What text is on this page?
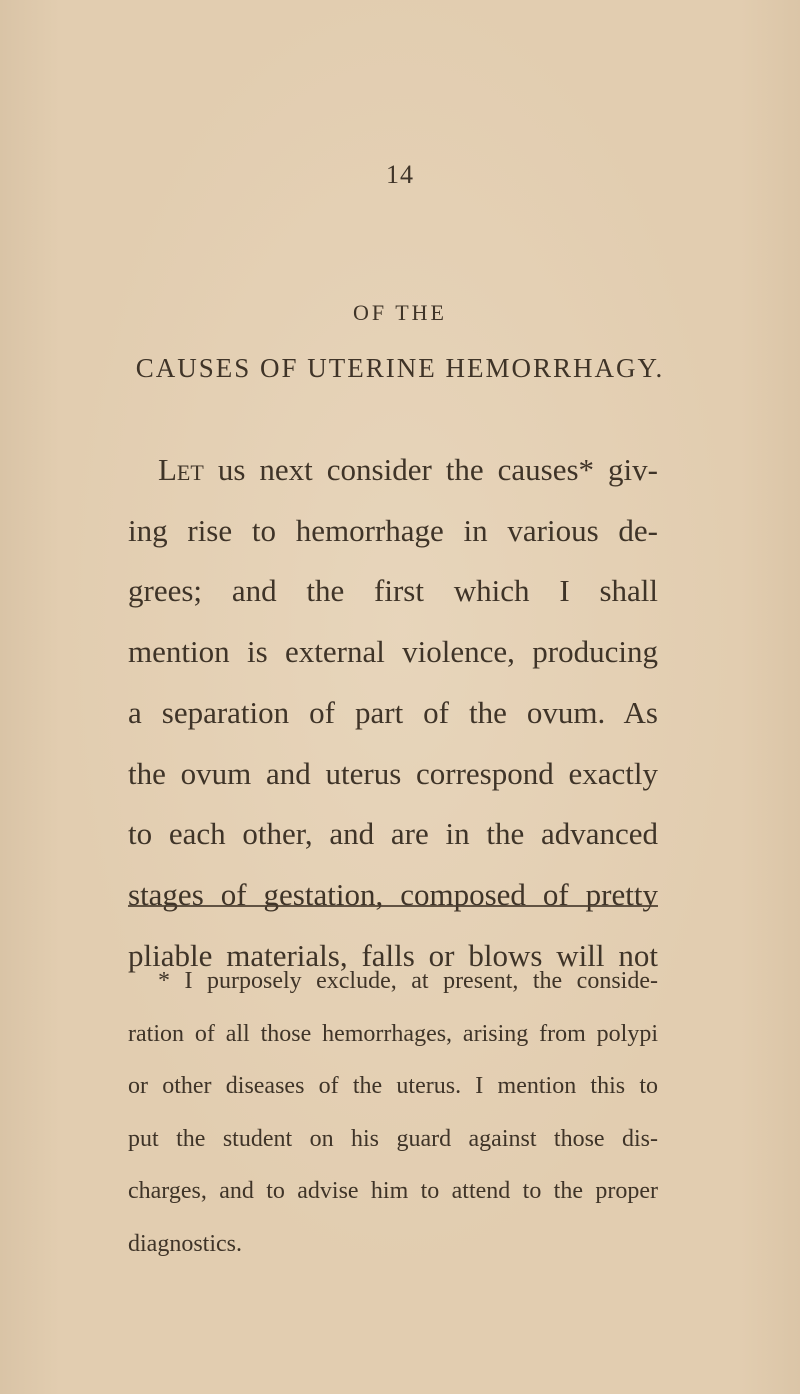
14
OF THE
CAUSES OF UTERINE HEMORRHAGY.
Let us next consider the causes* giv-
ing rise to hemorrhage in various de-
grees; and the first which I shall
mention is external violence, producing
a separation of part of the ovum. As
the ovum and uterus correspond exactly
to each other, and are in the advanced
stages of gestation, composed of pretty
pliable materials, falls or blows will not
* I purposely exclude, at present, the conside-
ration of all those hemorrhages, arising from polypi
or other diseases of the uterus. I mention this to
put the student on his guard against those dis-
charges, and to advise him to attend to the proper
diagnostics.
